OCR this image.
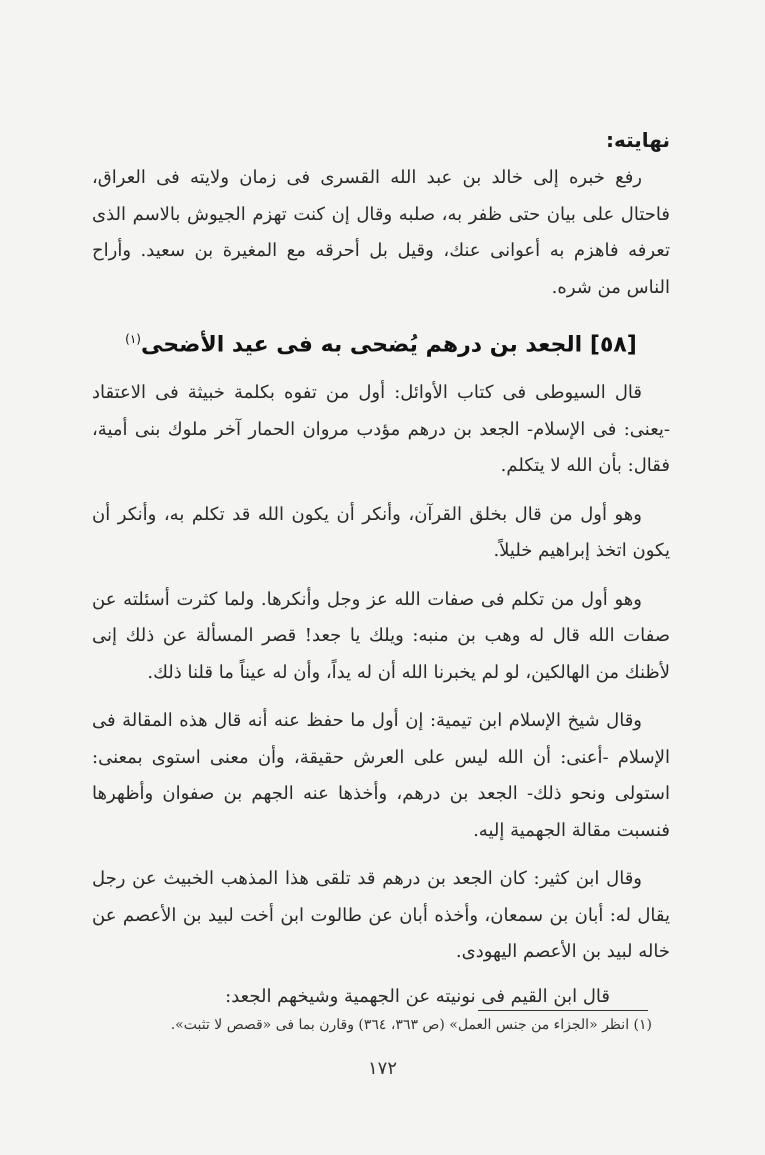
نهايته:

رفع خبره إلى خالد بن عبد الله القسرى فى زمان ولايته فى العراق، فاحتال على بيان حتى ظفر به، صلبه وقال إن كنت تهزم الجيوش بالاسم الذى تعرفه فاهزم به أعوانى عنك، وقيل بل أحرقه مع المغيرة بن سعيد. وأراح الناس من شره.

[٥٨] الجعد بن درهم يُضحى به فى عيد الأضحى$^{(١)}$

قال السيوطى فى كتاب الأوائل: أول من تفوه بكلمة خبيثة فى الاعتقاد -يعنى: فى الإسلام- الجعد بن درهم مؤدب مروان الحمار آخر ملوك بنى أمية، فقال: بأن الله لا يتكلم.

وهو أول من قال بخلق القرآن، وأنكر أن يكون الله قد تكلم به، وأنكر أن يكون اتخذ إبراهيم خليلاً.

وهو أول من تكلم فى صفات الله عز وجل وأنكرها. ولما كثرت أسئلته عن صفات الله قال له وهب بن منبه: ويلك يا جعد! قصر المسألة عن ذلك إنى لأظنك من الهالكين، لو لم يخبرنا الله أن له يداً، وأن له عيناً ما قلنا ذلك.

وقال شيخ الإسلام ابن تيمية: إن أول ما حفظ عنه أنه قال هذه المقالة فى الإسلام -أعنى: أن الله ليس على العرش حقيقة، وأن معنى استوى بمعنى: استولى ونحو ذلك- الجعد بن درهم، وأخذها عنه الجهم بن صفوان وأظهرها فنسبت مقالة الجهمية إليه.

وقال ابن كثير: كان الجعد بن درهم قد تلقى هذا المذهب الخبيث عن رجل يقال له: أبان بن سمعان، وأخذه أبان عن طالوت ابن أخت لبيد بن الأعصم عن خاله لبيد بن الأعصم اليهودى.

قال ابن القيم فى نونيته عن الجهمية وشيخهم الجعد:

(١) انظر «الجزاء من جنس العمل» (ص ٣٦٣، ٣٦٤) وقارن بما فى «قصص لا تثبت».
١٧٢
